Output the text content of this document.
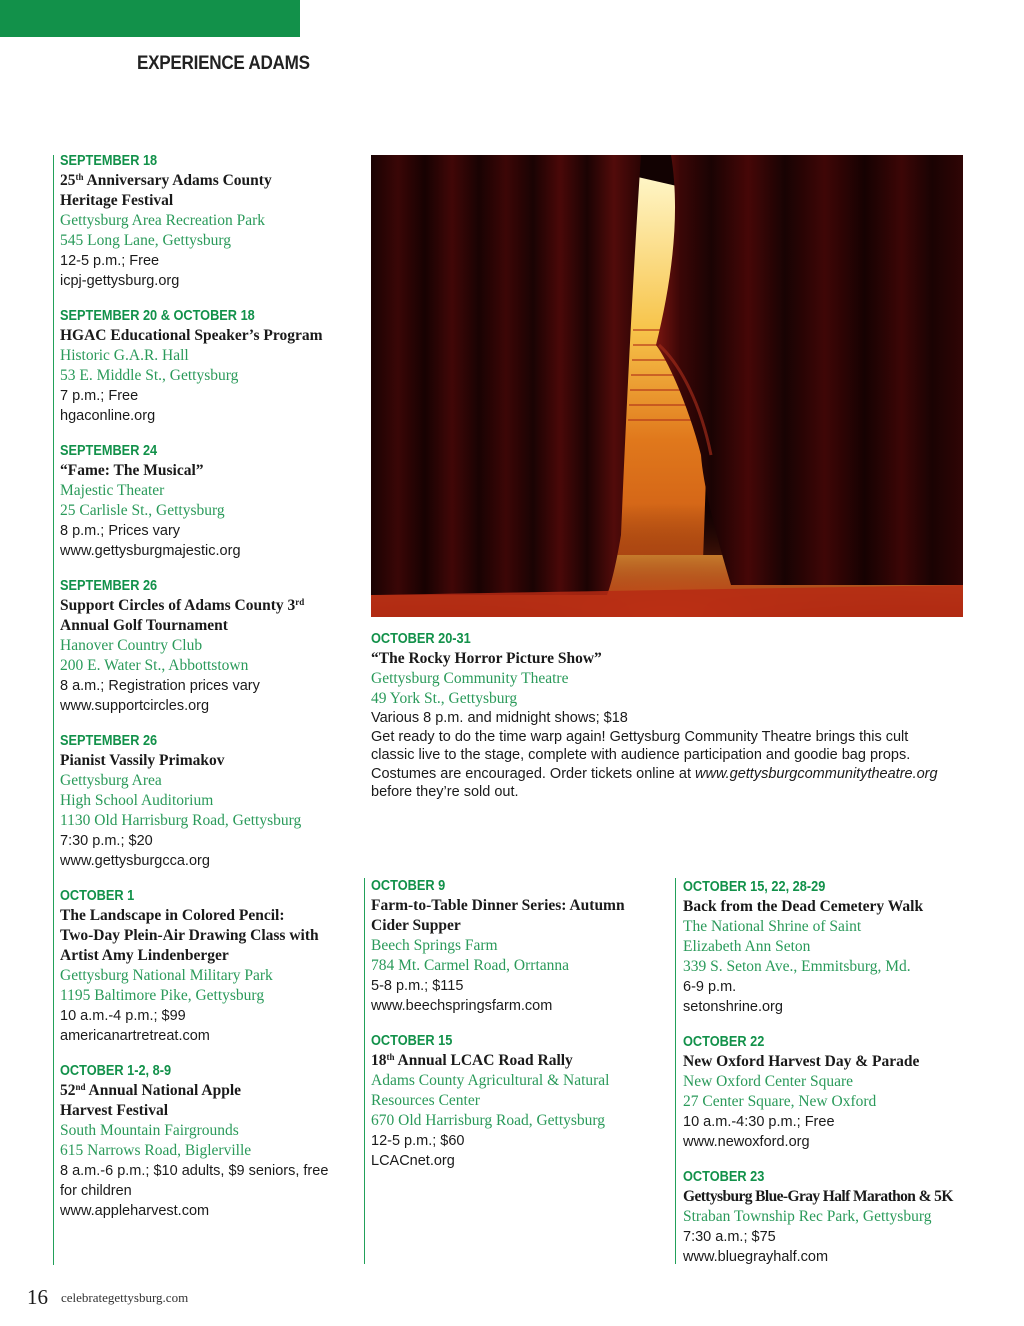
EXPERIENCE ADAMS
SEPTEMBER 18
25th Anniversary Adams County
Heritage Festival
Gettysburg Area Recreation Park
545 Long Lane, Gettysburg
12-5 p.m.; Free
icpj-gettysburg.org
SEPTEMBER 20 & OCTOBER 18
HGAC Educational Speaker’s Program
Historic G.A.R. Hall
53 E. Middle St., Gettysburg
7 p.m.; Free
hgaconline.org
SEPTEMBER 24
“Fame: The Musical”
Majestic Theater
25 Carlisle St., Gettysburg
8 p.m.; Prices vary
www.gettysburgmajestic.org
SEPTEMBER 26
Support Circles of Adams County 3rd
Annual Golf Tournament
Hanover Country Club
200 E. Water St., Abbottstown
8 a.m.; Registration prices vary
www.supportcircles.org
SEPTEMBER 26
Pianist Vassily Primakov
Gettysburg Area
High School Auditorium
1130 Old Harrisburg Road, Gettysburg
7:30 p.m.; $20
www.gettysburgcca.org
OCTOBER 1
The Landscape in Colored Pencil:
Two-Day Plein-Air Drawing Class with
Artist Amy Lindenberger
Gettysburg National Military Park
1195 Baltimore Pike, Gettysburg
10 a.m.-4 p.m.; $99
americanartretreat.com
OCTOBER 1-2, 8-9
52nd Annual National Apple
Harvest Festival
South Mountain Fairgrounds
615 Narrows Road, Biglerville
8 a.m.-6 p.m.; $10 adults, $9 seniors, free
for children
www.appleharvest.com
OCTOBER 20-31
“The Rocky Horror Picture Show”
Gettysburg Community Theatre
49 York St., Gettysburg
Various 8 p.m. and midnight shows; $18
Get ready to do the time warp again! Gettysburg Community Theatre brings this cult
classic live to the stage, complete with audience participation and goodie bag props.
Costumes are encouraged. Order tickets online at www.gettysburgcommunitytheatre.org
before they’re sold out.
OCTOBER 9
Farm-to-Table Dinner Series: Autumn
Cider Supper
Beech Springs Farm
784 Mt. Carmel Road, Orrtanna
5-8 p.m.; $115
www.beechspringsfarm.com
OCTOBER 15
18th Annual LCAC Road Rally
Adams County Agricultural & Natural
Resources Center
670 Old Harrisburg Road, Gettysburg
12-5 p.m.; $60
LCACnet.org
OCTOBER 15, 22, 28-29
Back from the Dead Cemetery Walk
The National Shrine of Saint
Elizabeth Ann Seton
339 S. Seton Ave., Emmitsburg, Md.
6-9 p.m.
setonshrine.org
OCTOBER 22
New Oxford Harvest Day & Parade
New Oxford Center Square
27 Center Square, New Oxford
10 a.m.-4:30 p.m.; Free
www.newoxford.org
OCTOBER 23
Gettysburg Blue-Gray Half Marathon & 5K
Straban Township Rec Park, Gettysburg
7:30 a.m.; $75
www.bluegrayhalf.com
16 celebrategettysburg.com
